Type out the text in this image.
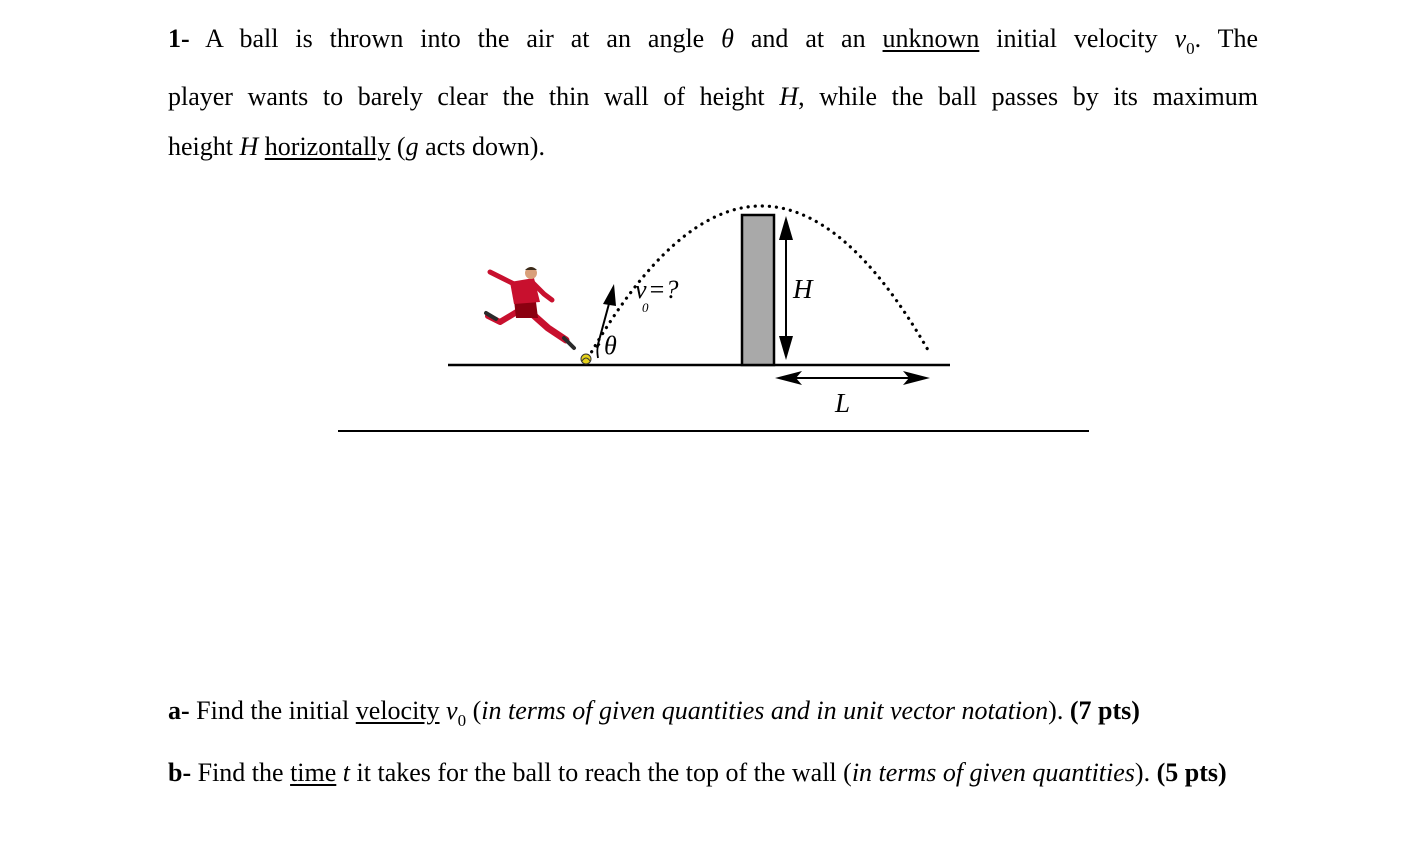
1- A ball is thrown into the air at an angle θ and at an unknown initial velocity $v_0$. The
player wants to barely clear the thin wall of height H, while the ball passes by its maximum
height H horizontally (g acts down).
v
0
=?
θ
H
L
a- Find the initial velocity $v_0$ (in terms of given quantities and in unit vector notation). (7 pts)
b- Find the time t it takes for the ball to reach the top of the wall (in terms of given quantities). (5 pts)
